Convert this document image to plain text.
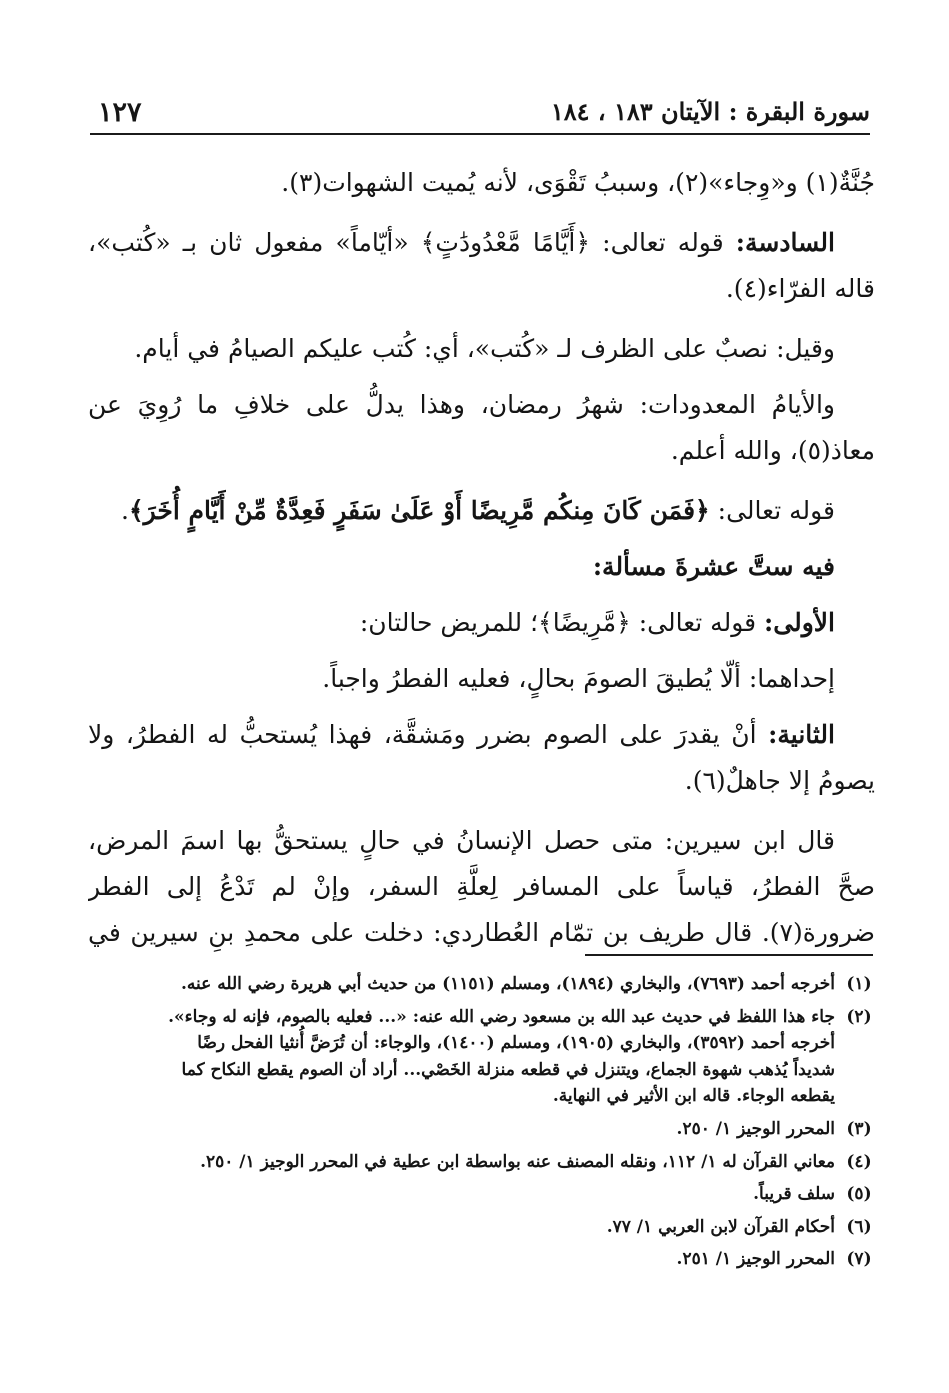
١٢٧	سورة البقرة : الآيتان ١٨٣ ، ١٨٤

جُنَّةٌ(١) و«وِجاء»(٢)، وسببُ تَقْوَى، لأنه يُميت الشهوات(٣).

السادسة: قوله تعالى: ﴿أَيَّامًا مَّعْدُودَٰتٍ﴾ «أيّاماً» مفعول ثان بـ «كُتب»، قاله الفرّاء(٤).

وقيل: نصبٌ على الظرف لـ «كُتب»، أي: كُتب عليكم الصيامُ في أيام.

والأيامُ المعدودات: شهرُ رمضان، وهذا يدلُّ على خلافِ ما رُوِيَ عن معاذ(٥)، والله أعلم.

قوله تعالى: ﴿فَمَن كَانَ مِنكُم مَّرِيضًا أَوْ عَلَىٰ سَفَرٍ فَعِدَّةٌ مِّنْ أَيَّامٍ أُخَرَ﴾.

فيه ستَّ عشرةَ مسألة:

الأولى: قوله تعالى: ﴿مَّرِيضًا﴾؛ للمريض حالتان:

إحداهما: ألّا يُطيقَ الصومَ بحالٍ، فعليه الفطرُ واجباً.

الثانية: أنْ يقدرَ على الصوم بضرر ومَشقَّة، فهذا يُستحبُّ له الفطرُ، ولا يصومُ إلا جاهلٌ(٦).

قال ابن سيرين: متى حصل الإنسانُ في حالٍ يستحقُّ بها اسمَ المرض، صحَّ الفطرُ، قياساً على المسافر لِعلَّةِ السفر، وإنْ لم تَدْعُ إلى الفطر ضرورة(٧). قال طريف بن تمّام العُطاردي: دخلت على محمدِ بنِ سيرين في

(١)
أخرجه أحمد (٧٦٩٣)، والبخاري (١٨٩٤)، ومسلم (١١٥١) من حديث أبي هريرة رضي الله عنه.
(٢)
جاء هذا اللفظ في حديث عبد الله بن مسعود رضي الله عنه: «... فعليه بالصوم، فإنه له وجاء».
أخرجه أحمد (٣٥٩٢)، والبخاري (١٩٠٥)، ومسلم (١٤٠٠)، والوجاء: أن تُرَضَّ أُنثيا الفحل رضًا
شديداً يُذهب شهوة الجماع، ويتنزل في قطعه منزلة الخَصْي... أراد أن الصوم يقطع النكاح كما
يقطعه الوجاء. قاله ابن الأثير في النهاية.
(٣)
المحرر الوجيز ١/ ٢٥٠.
(٤)
معاني القرآن له ١/ ١١٢، ونقله المصنف عنه بواسطة ابن عطية في المحرر الوجيز ١/ ٢٥٠.
(٥)
سلف قريباً.
(٦)
أحكام القرآن لابن العربي ١/ ٧٧.
(٧)
المحرر الوجيز ١/ ٢٥١.
